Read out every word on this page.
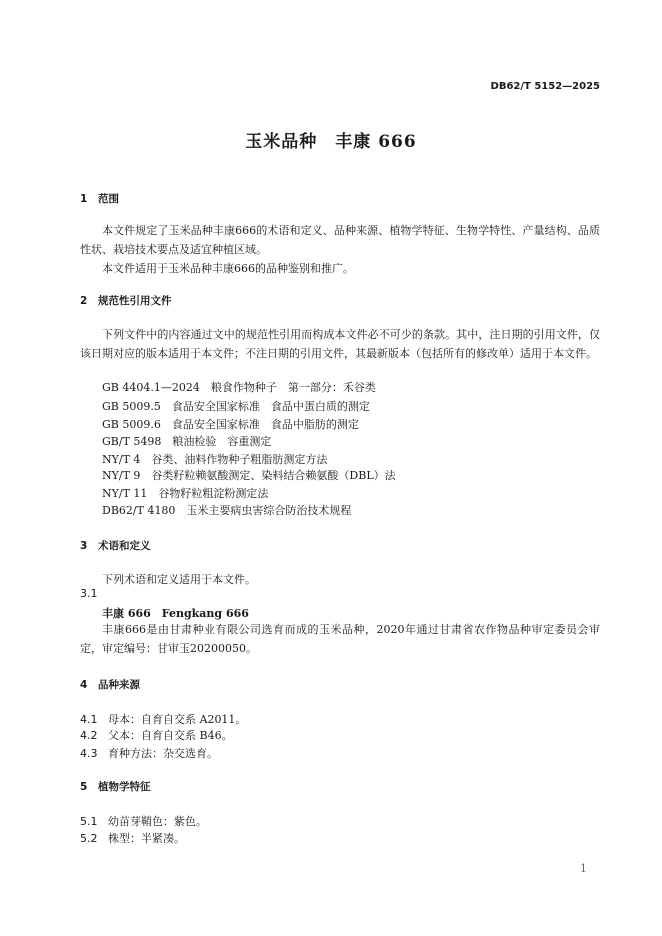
DB62/T 5152—2025
玉米品种　丰康 666
1 范围
本文件规定了玉米品种丰康666的术语和定义、品种来源、植物学特征、生物学特性、产量结构、品质性状、栽培技术要点及适宜种植区域。
本文件适用于玉米品种丰康666的品种鉴别和推广。
2 规范性引用文件
下列文件中的内容通过文中的规范性引用而构成本文件必不可少的条款。其中，注日期的引用文件，仅该日期对应的版本适用于本文件；不注日期的引用文件，其最新版本（包括所有的修改单）适用于本文件。
GB 4404.1—2024　粮食作物种子　第一部分：禾谷类
GB 5009.5　食品安全国家标准　食品中蛋白质的测定
GB 5009.6　食品安全国家标准　食品中脂肪的测定
GB/T 5498　粮油检验　容重测定
NY/T 4　谷类、油料作物种子粗脂肪测定方法
NY/T 9　谷类籽粒赖氨酸测定、染料结合赖氨酸（DBL）法
NY/T 11　谷物籽粒粗淀粉测定法
DB62/T 4180　玉米主要病虫害综合防治技术规程
3 术语和定义
下列术语和定义适用于本文件。
3.1
丰康 666　Fengkang 666
丰康666是由甘肃种业有限公司选育而成的玉米品种，2020年通过甘肃省农作物品种审定委员会审定，审定编号：甘审玉20200050。
4 品种来源
4.1 母本：自育自交系 A2011。
4.2 父本：自育自交系 B46。
4.3 育种方法：杂交选育。
5 植物学特征
5.1 幼苗芽鞘色：紫色。
5.2 株型：半紧凑。
1
